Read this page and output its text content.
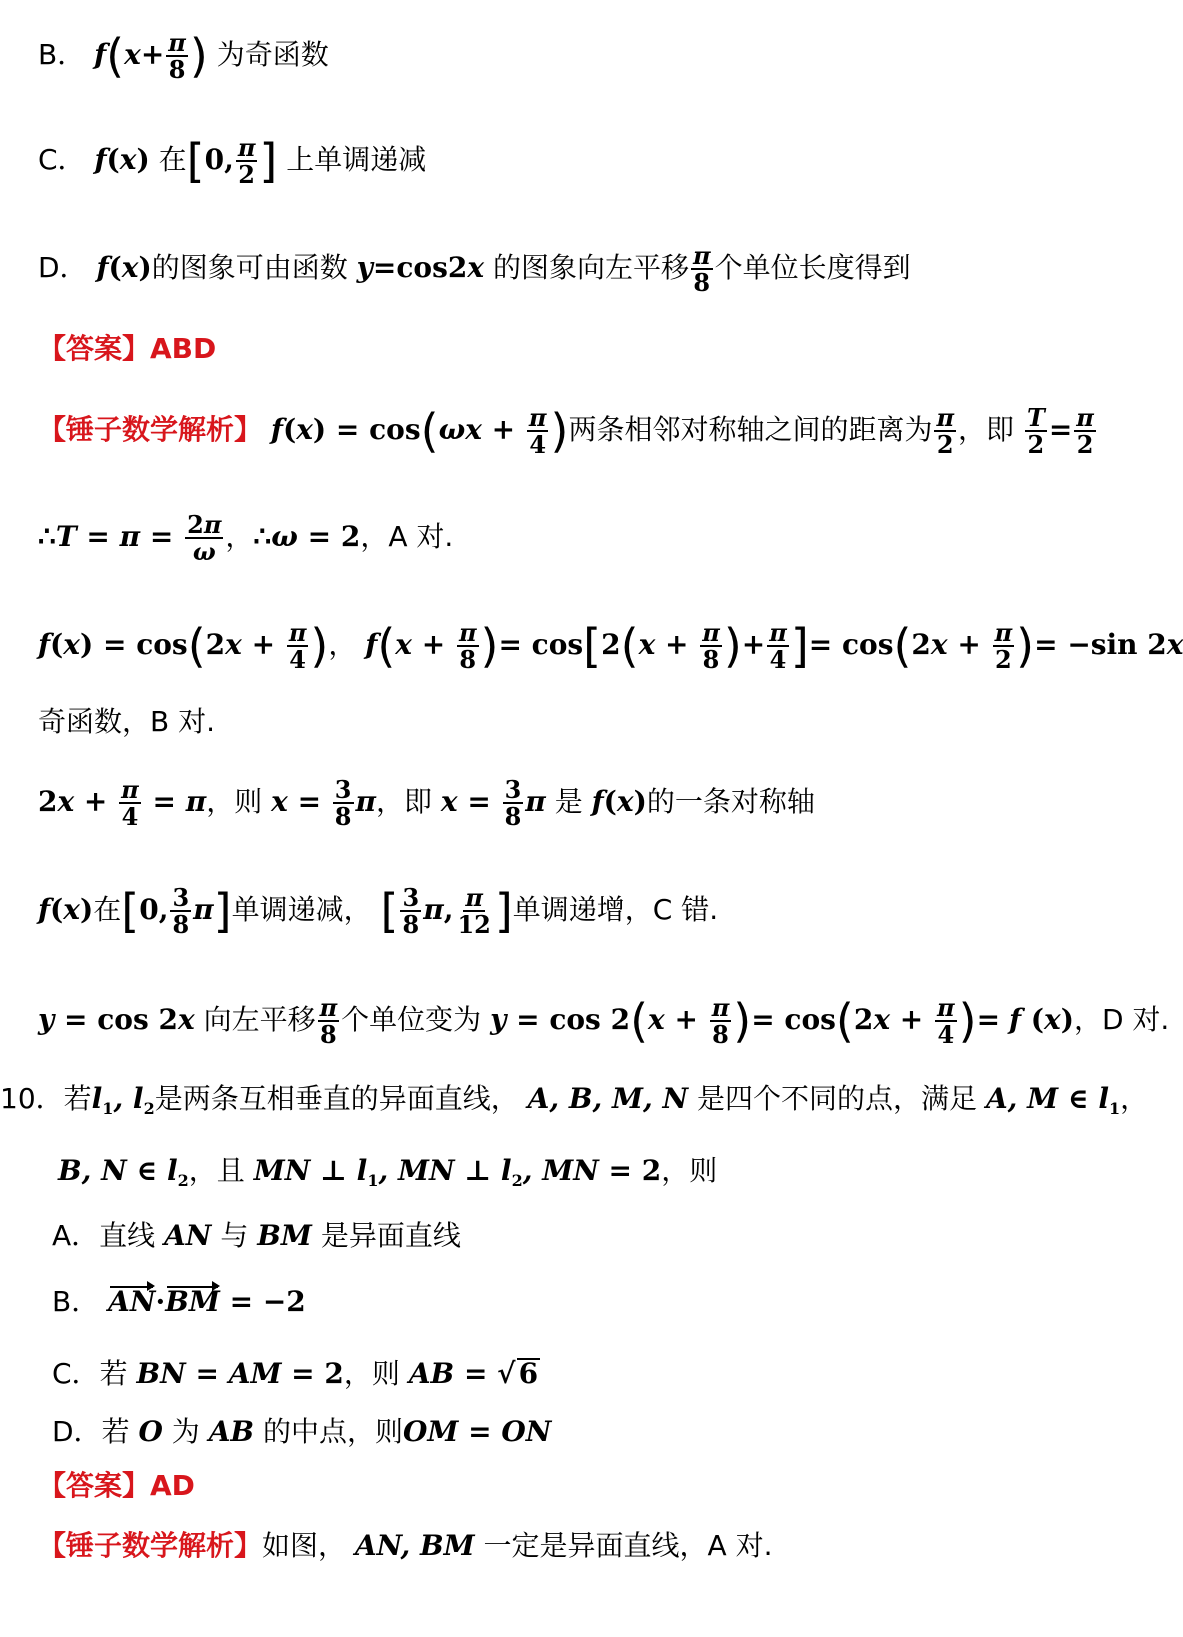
B． $f(x+ \frac{\pi}{8}$ ) 为奇函数
C． f(x) 在[0, $\frac{\pi}{2}$ ] 上单调递减
D． f(x)的图象可由函数 y=cos2x 的图象向左平移 $\frac{\pi}{8}$ 个单位长度得到
【答案】ABD
【锤子数学解析】 $f(x) = \cos(\omega x + \frac{\pi}{4}$ )两条相邻对称轴之间的距离为 $\frac{\pi}{2}$ ，即 $\frac{T}{2} = \frac{\pi}{2}$
∴T = $\pi = \frac{2\pi}{\omega}$ ，∴ω = 2，A 对.
$f(x) = \cos(2x + \frac{\pi}{4}$ )， $f(x + \frac{\pi}{8}$ )= $\cos[2(x + \frac{\pi}{8}$ )+ $\frac{\pi}{4}$ ]= $\cos(2x + \frac{\pi}{2}$ )= −sin 2x
奇函数，B 对.
$2x + \frac{\pi}{4} = \pi$，则 $x = \frac{3}{8}$ π，即 $x = \frac{3}{8}$ π 是 f(x)的一条对称轴
f(x)在[0, $\frac{3}{8} \pi$]单调递减， [ $\frac{3}{8} \pi$, $\frac{\pi}{12}$ ]单调递增，C 错.
y = cos 2x 向左平移 $\frac{\pi}{8}$ 个单位变为 $y = \cos 2(x + \frac{\pi}{8}$ )= $\cos(2x + \frac{\pi}{4}$ )= f (x)，D 对.
10．若$l_1$, $l_2$是两条互相垂直的异面直线， A, B, M, N 是四个不同的点，满足 A, M ∈ $l_1$，
B, N ∈ $l_2$，且 MN ⊥ $l_1$, MN ⊥ $l_2$, MN = 2，则
A．直线 AN 与 BM 是异面直线
B． AN·BM = −2
C．若 BN = AM = 2，则 AB = √ 6
D．若 O 为 AB 的中点，则OM = ON
【答案】AD
【锤子数学解析】如图， AN, BM 一定是异面直线，A 对.
